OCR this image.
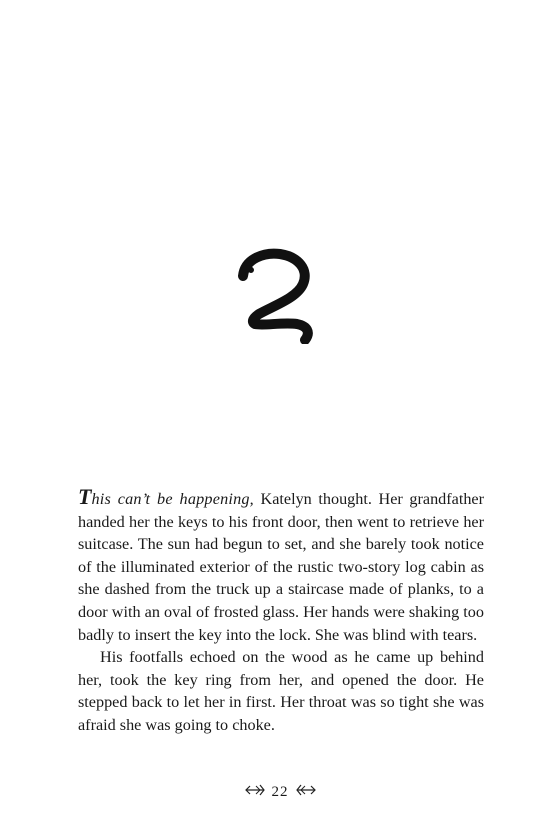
This can’t be happening, Katelyn thought. Her grandfather handed her the keys to his front door, then went to retrieve her suitcase. The sun had begun to set, and she barely took notice of the illuminated exterior of the rustic two-story log cabin as she dashed from the truck up a staircase made of planks, to a door with an oval of frosted glass. Her hands were shaking too badly to insert the key into the lock. She was blind with tears.

His footfalls echoed on the wood as he came up behind her, took the key ring from her, and opened the door. He stepped back to let her in first. Her throat was so tight she was afraid she was going to choke.

22
